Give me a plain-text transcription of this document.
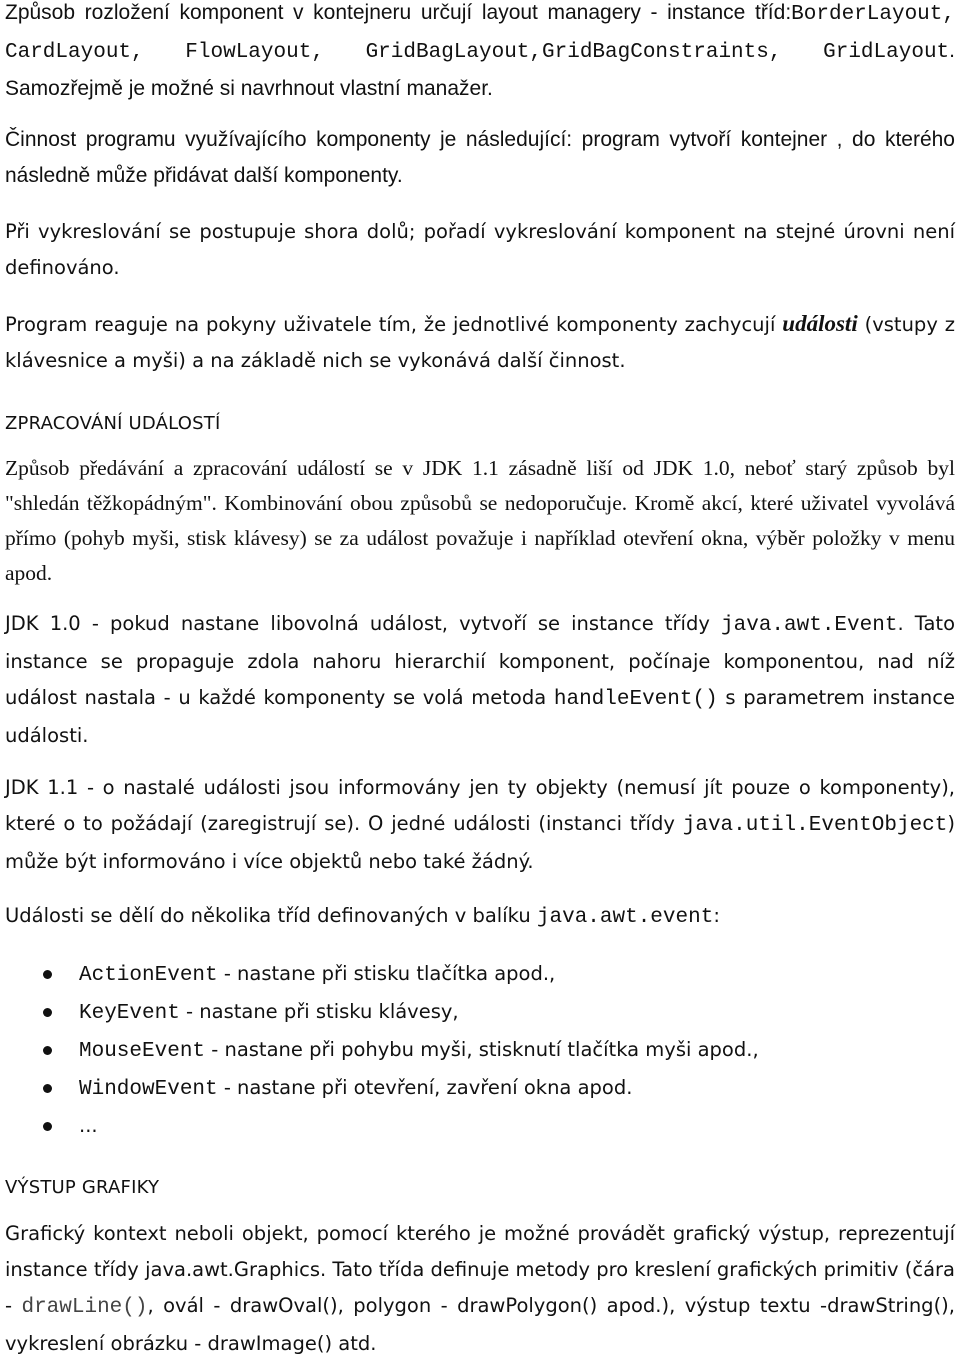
Způsob rozložení komponent v kontejneru určují layout managery - instance tříd:BorderLayout, CardLayout, FlowLayout, GridBagLayout,GridBagConstraints, GridLayout. Samozřejmě je možné si navrhnout vlastní manažer.

Činnost programu využívajícího komponenty je následující: program vytvoří kontejner , do kterého následně může přidávat další komponenty.

Při vykreslování se postupuje shora dolů; pořadí vykreslování komponent na stejné úrovni není definováno.

Program reaguje na pokyny uživatele tím, že jednotlivé komponenty zachycují události (vstupy z klávesnice a myši) a na základě nich se vykonává další činnost.

ZPRACOVÁNÍ UDÁLOSTÍ

Způsob předávání a zpracování událostí se v JDK 1.1 zásadně liší od JDK 1.0, neboť starý způsob byl "shledán těžkopádným". Kombinování obou způsobů se nedoporučuje. Kromě akcí, které uživatel vyvolává přímo (pohyb myši, stisk klávesy) se za událost považuje i například otevření okna, výběr položky v menu apod.

JDK 1.0 - pokud nastane libovolná událost, vytvoří se instance třídy java.awt.Event. Tato instance se propaguje zdola nahoru hierarchií komponent, počínaje komponentou, nad níž událost nastala - u každé komponenty se volá metoda handleEvent() s parametrem instance události.

JDK 1.1 - o nastalé události jsou informovány jen ty objekty (nemusí jít pouze o komponenty), které o to požádají (zaregistrují se). O jedné události (instanci třídy java.util.EventObject) může být informováno i více objektů nebo také žádný.

Události se dělí do několika tříd definovaných v balíku java.awt.event:

ActionEvent - nastane při stisku tlačítka apod.,
KeyEvent - nastane při stisku klávesy,
MouseEvent - nastane při pohybu myši, stisknutí tlačítka myši apod.,
WindowEvent - nastane při otevření, zavření okna apod.
...
VÝSTUP GRAFIKY

Grafický kontext neboli objekt, pomocí kterého je možné provádět grafický výstup, reprezentují instance třídy java.awt.Graphics. Tato třída definuje metody pro kreslení grafických primitiv (čára - drawLine(), ovál - drawOval(), polygon - drawPolygon() apod.), výstup textu -drawString(), vykreslení obrázku - drawImage() atd.
